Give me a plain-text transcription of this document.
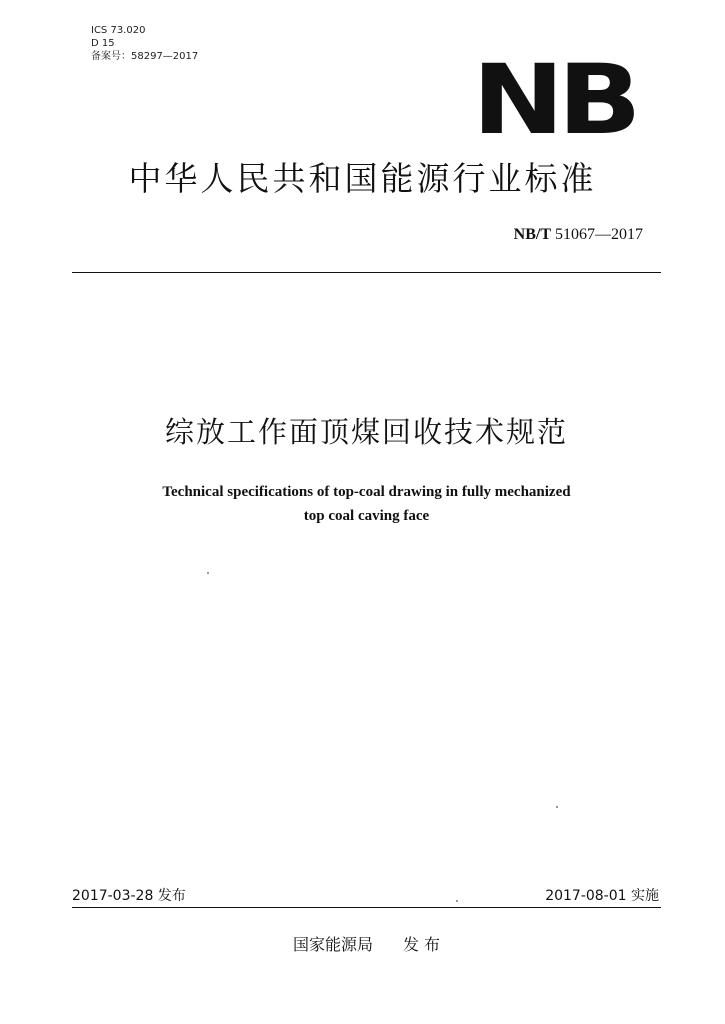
ICS 73.020
D 15
备案号：58297—2017	NB
中华人民共和国能源行业标准
NB/T 51067—2017
综放工作面顶煤回收技术规范
Technical specifications of top-coal drawing in fully mechanized
top coal caving face
2017-03-28 发布	2017-08-01 实施
国家能源局 发 布
